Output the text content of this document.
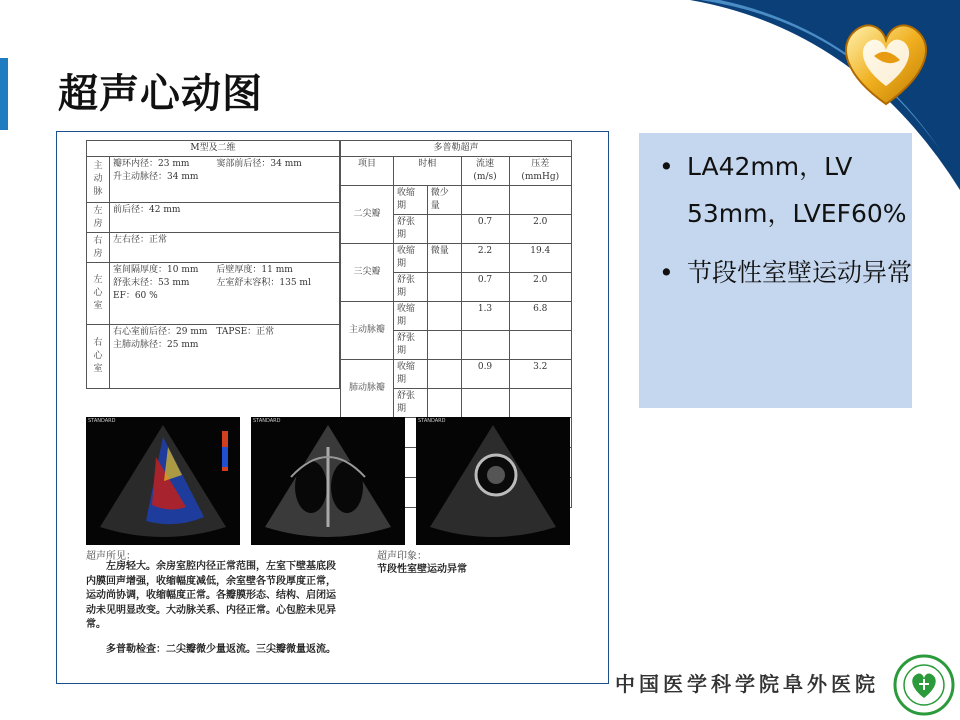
超声心动图
M型及二维	
主动脉	瓣环内径：23 mm　　　窦部前后径：34 mm
升主动脉径：34 mm

左房	前后径：42 mm

右房	左右径：正常

左心室	室间隔厚度：10 mm　　后壁厚度：11 mm
舒张末径：53 mm　　　左室舒末容积：135 ml
EF：60 %

右心室	右心室前后径：29 mm　TAPSE：正常
主肺动脉径：25 mm
多普勒超声				
项目	时相		流速(m/s)	压差(mmHg)
二尖瓣	收缩期	微少量		
	舒张期		0.7	2.0
三尖瓣	收缩期	微量	2.2	19.4
	舒张期		0.7	2.0
主动脉瓣	收缩期		1.3	6.8
	舒张期			
肺动脉瓣	收缩期		0.9	3.2
	舒张期			

STANDARD	STANDARD	STANDARD
超声所见：	超声印象：

左房轻大。余房室腔内径正常范围，左室下壁基底段内膜回声增强，收缩幅度减低，余室壁各节段厚度正常，运动尚协调，收缩幅度正常。各瓣膜形态、结构、启闭运动未见明显改变。大动脉关系、内径正常。心包腔未见异常。

多普勒检查：二尖瓣微少量返流。三尖瓣微量返流。

节段性室壁运动异常
• LA42mm，LV 53mm，LVEF60%
• 节段性室壁运动异常
中国医学科学院阜外医院
